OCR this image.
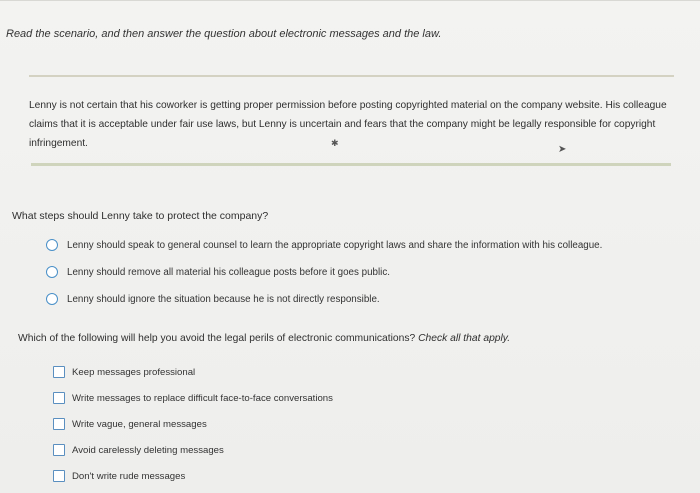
Read the scenario, and then answer the question about electronic messages and the law.
Lenny is not certain that his coworker is getting proper permission before posting copyrighted material on the company website. His colleague claims that it is acceptable under fair use laws, but Lenny is uncertain and fears that the company might be legally responsible for copyright infringement.	✱
➤
What steps should Lenny take to protect the company?
Lenny should speak to general counsel to learn the appropriate copyright laws and share the information with his colleague.
Lenny should remove all material his colleague posts before it goes public.
Lenny should ignore the situation because he is not directly responsible.
Which of the following will help you avoid the legal perils of electronic communications? Check all that apply.
Keep messages professional
Write messages to replace difficult face-to-face conversations
Write vague, general messages
Avoid carelessly deleting messages
Don't write rude messages
